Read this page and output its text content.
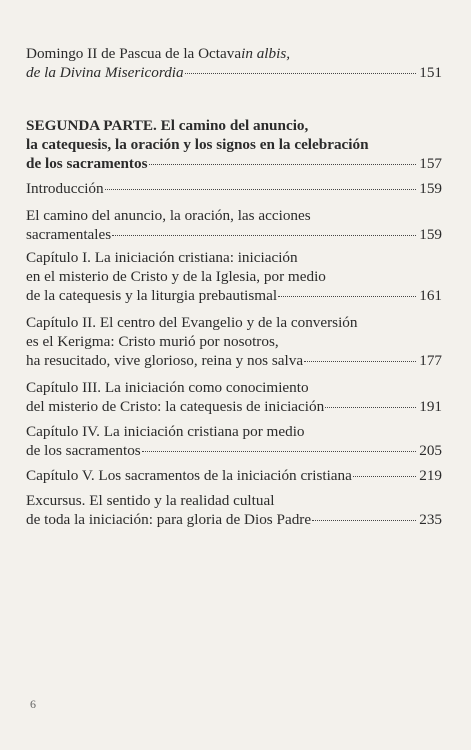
Domingo II de Pascua de la Octava in albis,
de la Divina Misericordia	151
SEGUNDA PARTE. El camino del anuncio,
la catequesis, la oración y los signos en la celebración
de los sacramentos	157
Introducción	159
El camino del anuncio, la oración, las acciones
sacramentales	159
Capítulo I. La iniciación cristiana: iniciación
en el misterio de Cristo y de la Iglesia, por medio
de la catequesis y la liturgia prebautismal	161
Capítulo II. El centro del Evangelio y de la conversión
es el Kerigma: Cristo murió por nosotros,
ha resucitado, vive glorioso, reina y nos salva	177
Capítulo III. La iniciación como conocimiento
del misterio de Cristo: la catequesis de iniciación	191
Capítulo IV. La iniciación cristiana por medio
de los sacramentos	205
Capítulo V. Los sacramentos de la iniciación cristiana	219
Excursus. El sentido y la realidad cultual
de toda la iniciación: para gloria de Dios Padre	235
6
